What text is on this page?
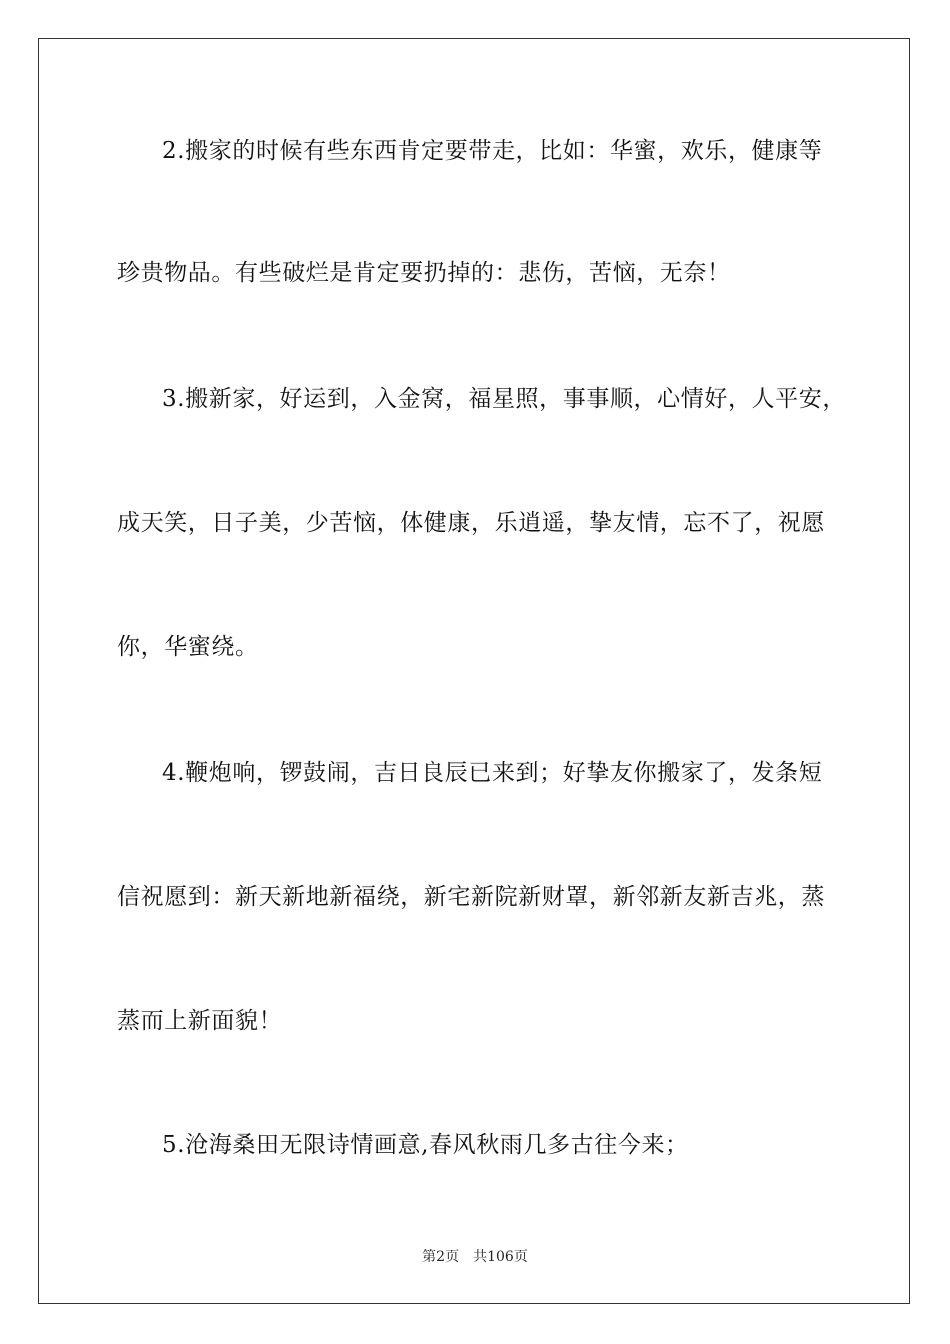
2.搬家的时候有些东西肯定要带走，比如：华蜜，欢乐，健康等
珍贵物品。有些破烂是肯定要扔掉的：悲伤，苦恼，无奈！
3.搬新家，好运到，入金窝，福星照，事事顺，心情好，人平安，
成天笑，日子美，少苦恼，体健康，乐逍遥，挚友情，忘不了，祝愿
你，华蜜绕。
4.鞭炮响，锣鼓闹，吉日良辰已来到；好挚友你搬家了，发条短
信祝愿到：新天新地新福绕，新宅新院新财罩，新邻新友新吉兆，蒸
蒸而上新面貌！
5.沧海桑田无限诗情画意,春风秋雨几多古往今来；
第2页 共106页
